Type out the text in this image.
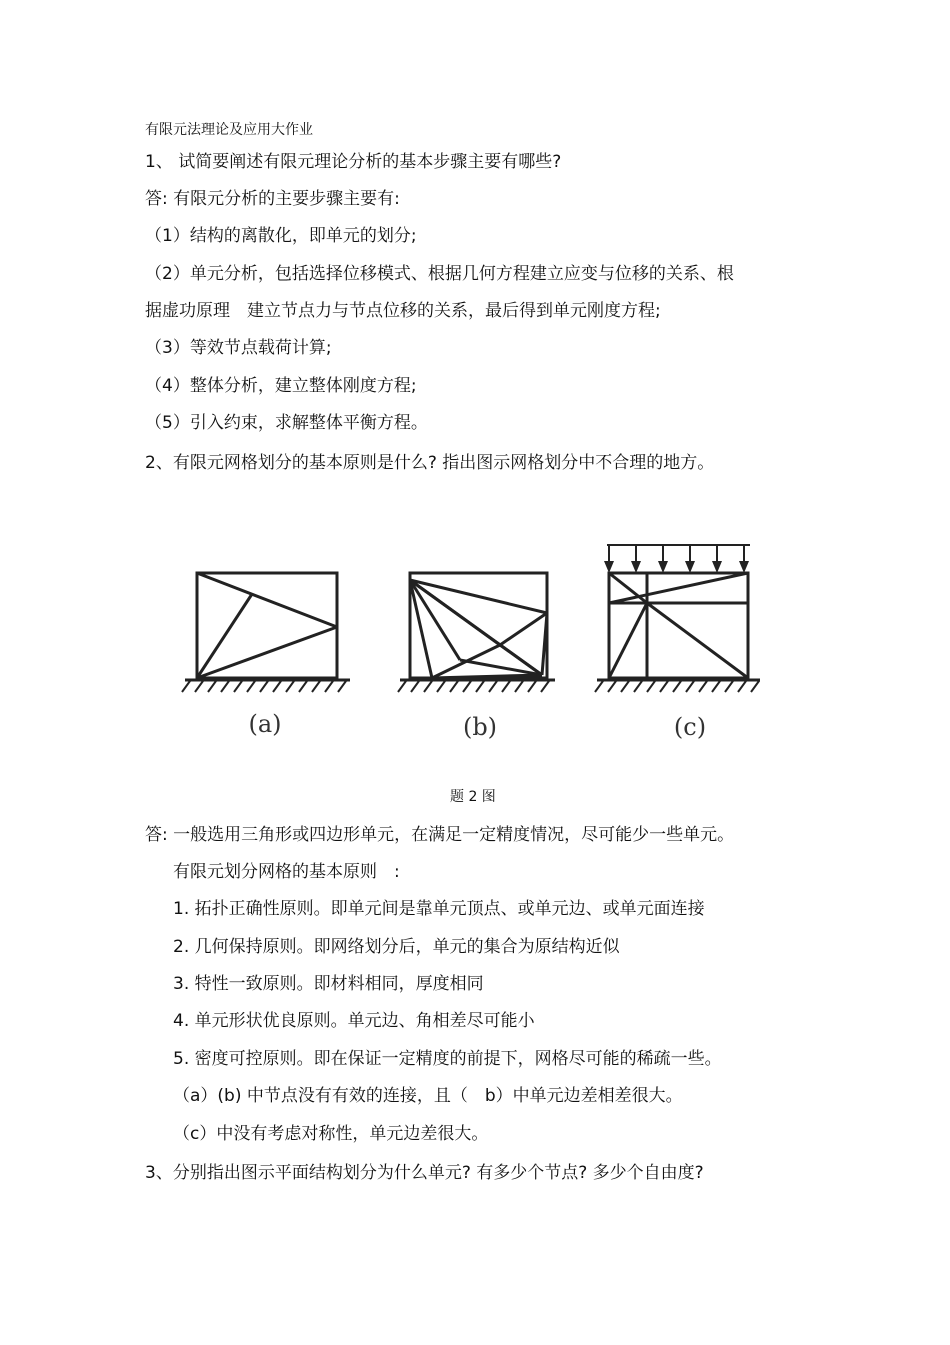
有限元法理论及应用大作业
1、 试简要阐述有限元理论分析的基本步骤主要有哪些?
答: 有限元分析的主要步骤主要有:
（1）结构的离散化，即单元的划分;
（2）单元分析，包括选择位移模式、根据几何方程建立应变与位移的关系、根
据虚功原理　建立节点力与节点位移的关系，最后得到单元刚度方程;
（3）等效节点载荷计算;
（4）整体分析，建立整体刚度方程;
（5）引入约束，求解整体平衡方程。
2、有限元网格划分的基本原则是什么? 指出图示网格划分中不合理的地方。
(a)	(b)	(c)
题 2 图
答: 一般选用三角形或四边形单元，在满足一定精度情况，尽可能少一些单元。
有限元划分网格的基本原则　:
1. 拓扑正确性原则。即单元间是靠单元顶点、或单元边、或单元面连接
2. 几何保持原则。即网络划分后，单元的集合为原结构近似
3. 特性一致原则。即材料相同，厚度相同
4. 单元形状优良原则。单元边、角相差尽可能小
5. 密度可控原则。即在保证一定精度的前提下，网格尽可能的稀疏一些。
（a）(b) 中节点没有有效的连接，且（　b）中单元边差相差很大。
（c）中没有考虑对称性，单元边差很大。
3、分别指出图示平面结构划分为什么单元? 有多少个节点? 多少个自由度?
